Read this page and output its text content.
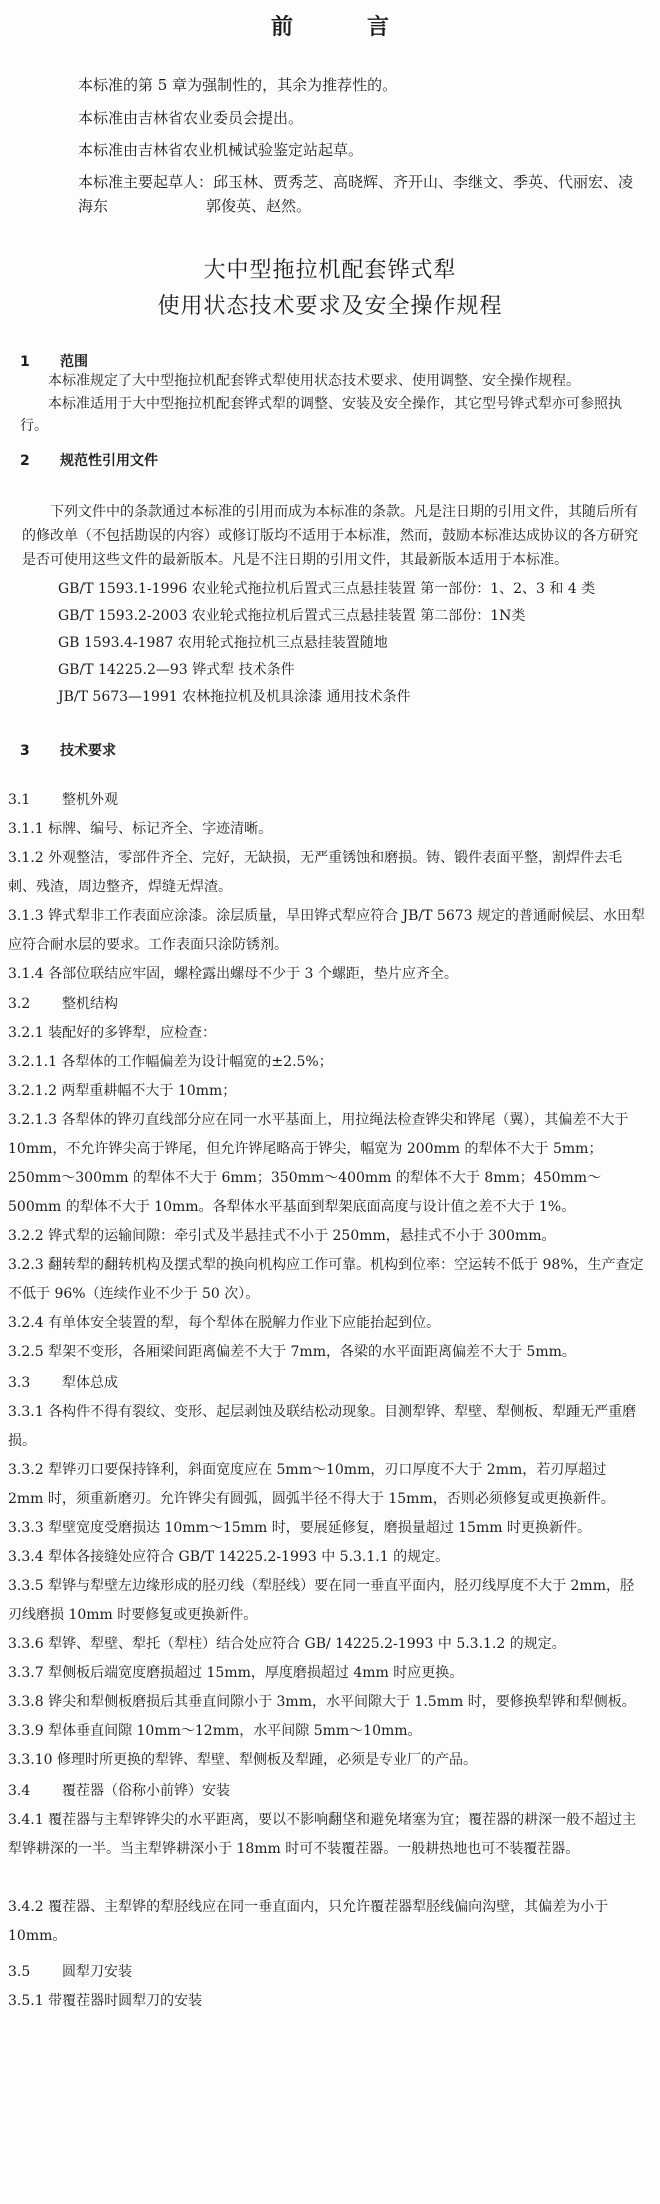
前　言
本标准的第 5 章为强制性的，其余为推荐性的。
本标准由吉林省农业委员会提出。
本标准由吉林省农业机械试验鉴定站起草。
本标准主要起草人：邱玉林、贾秀芝、高晓辉、齐开山、李继文、季英、代丽宏、凌海东	郭俊英、赵然。
大中型拖拉机配套铧式犁
使用状态技术要求及安全操作规程
1 范围
本标准规定了大中型拖拉机配套铧式犁使用状态技术要求、使用调整、安全操作规程。
本标准适用于大中型拖拉机配套铧式犁的调整、安装及安全操作，其它型号铧式犁亦可参照执行。
2 规范性引用文件
下列文件中的条款通过本标准的引用而成为本标准的条款。凡是注日期的引用文件，其随后所有的修改单（不包括勘误的内容）或修订版均不适用于本标准，然而，鼓励本标准达成协议的各方研究是否可使用这些文件的最新版本。凡是不注日期的引用文件，其最新版本适用于本标准。
GB/T 1593.1-1996 农业轮式拖拉机后置式三点悬挂装置 第一部份：1、2、3 和 4 类
GB/T 1593.2-2003 农业轮式拖拉机后置式三点悬挂装置 第二部份：1N类
GB 1593.4-1987 农用轮式拖拉机三点悬挂装置随地
GB/T 14225.2—93 铧式犁 技术条件
JB/T 5673—1991 农林拖拉机及机具涂漆 通用技术条件
3 技术要求
3.1 整机外观
3.1.1 标牌、编号、标记齐全、字迹清晰。
3.1.2 外观整洁，零部件齐全、完好，无缺损，无严重锈蚀和磨损。铸、锻件表面平整，割焊件去毛刺、残渣，周边整齐，焊缝无焊渣。
3.1.3 铧式犁非工作表面应涂漆。涂层质量，旱田铧式犁应符合 JB/T 5673 规定的普通耐候层、水田犁应符合耐水层的要求。工作表面只涂防锈剂。
3.1.4 各部位联结应牢固，螺栓露出螺母不少于 3 个螺距，垫片应齐全。
3.2 整机结构
3.2.1 装配好的多铧犁，应检查：
3.2.1.1 各犁体的工作幅偏差为设计幅宽的±2.5%；
3.2.1.2 两犁重耕幅不大于 10mm；
3.2.1.3 各犁体的铧刃直线部分应在同一水平基面上，用拉绳法检查铧尖和铧尾（翼），其偏差不大于 10mm，不允许铧尖高于铧尾，但允许铧尾略高于铧尖，幅宽为 200mm 的犁体不大于 5mm；250mm～300mm 的犁体不大于 6mm；350mm～400mm 的犁体不大于 8mm；450mm～500mm 的犁体不大于 10mm。各犁体水平基面到犁架底面高度与设计值之差不大于 1%。
3.2.2 铧式犁的运输间隙：牵引式及半悬挂式不小于 250mm，悬挂式不小于 300mm。
3.2.3 翻转犁的翻转机构及摆式犁的换向机构应工作可靠。机构到位率：空运转不低于 98%，生产查定不低于 96%（连续作业不少于 50 次）。
3.2.4 有单体安全装置的犁，每个犁体在脱解力作业下应能抬起到位。
3.2.5 犁架不变形，各厢梁间距离偏差不大于 7mm，各梁的水平面距离偏差不大于 5mm。
3.3 犁体总成
3.3.1 各构件不得有裂纹、变形、起层剥蚀及联结松动现象。目测犁铧、犁壁、犁侧板、犁踵无严重磨损。
3.3.2 犁铧刃口要保持锋利，斜面宽度应在 5mm～10mm，刃口厚度不大于 2mm，若刃厚超过 2mm 时，须重新磨刃。允许铧尖有圆弧，圆弧半径不得大于 15mm，否则必须修复或更换新件。
3.3.3 犁壁宽度受磨损达 10mm～15mm 时，要展延修复，磨损量超过 15mm 时更换新件。
3.3.4 犁体各接缝处应符合 GB/T 14225.2-1993 中 5.3.1.1 的规定。
3.3.5 犁铧与犁壁左边缘形成的胫刃线（犁胫线）要在同一垂直平面内，胫刃线厚度不大于 2mm，胫刃线磨损 10mm 时要修复或更换新件。
3.3.6 犁铧、犁壁、犁托（犁柱）结合处应符合 GB/ 14225.2-1993 中 5.3.1.2 的规定。
3.3.7 犁侧板后端宽度磨损超过 15mm，厚度磨损超过 4mm 时应更换。
3.3.8 铧尖和犁侧板磨损后其垂直间隙小于 3mm，水平间隙大于 1.5mm 时，要修换犁铧和犁侧板。
3.3.9 犁体垂直间隙 10mm～12mm，水平间隙 5mm～10mm。
3.3.10 修理时所更换的犁铧、犁壁、犁侧板及犁踵，必须是专业厂的产品。
3.4 覆茬器（俗称小前铧）安装
3.4.1 覆茬器与主犁铧铧尖的水平距离，要以不影响翻垡和避免堵塞为宜；覆茬器的耕深一般不超过主犁铧耕深的一半。当主犁铧耕深小于 18mm 时可不装覆茬器。一般耕热地也可不装覆茬器。
3.4.2 覆茬器、主犁铧的犁胫线应在同一垂直面内，只允许覆茬器犁胫线偏向沟壁，其偏差为小于 10mm。
3.5 圆犁刀安装
3.5.1 带覆茬器时圆犁刀的安装
